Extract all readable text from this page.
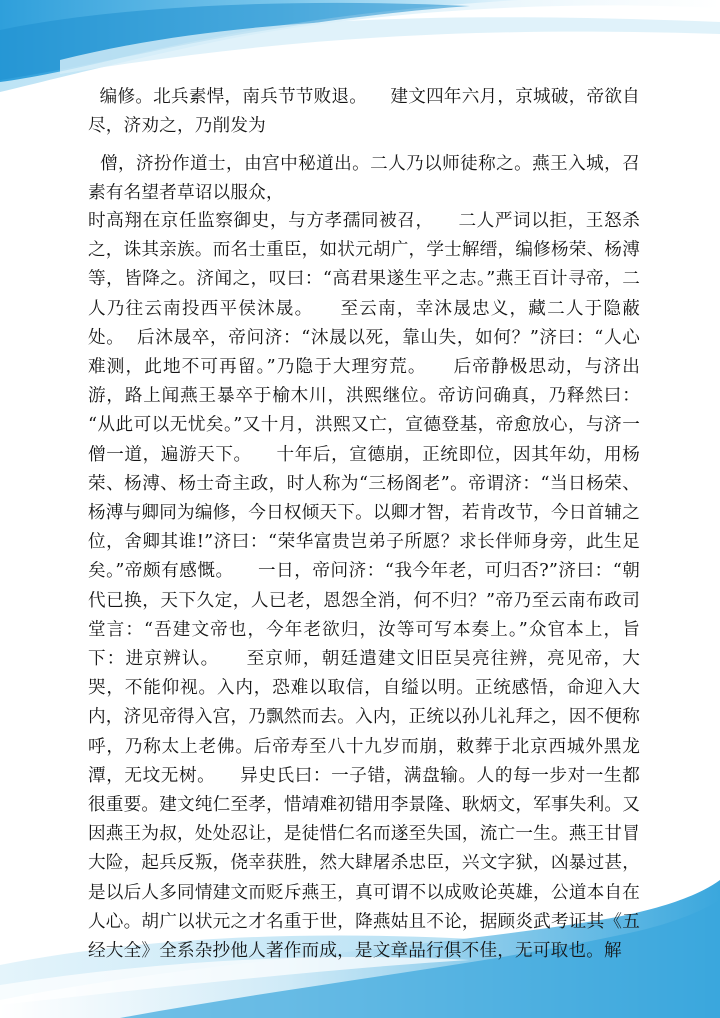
编修。北兵素悍，南兵节节败退。    建文四年六月，京城破，帝欲自尽，济劝之，乃削发为

僧，济扮作道士，由宫中秘道出。二人乃以师徒称之。燕王入城，召素有名望者草诏以服众，

时高翔在京任监察御史，与方孝孺同被召，    二人严词以拒，王怒杀之，诛其亲族。而名士重臣，如状元胡广，学士解缙，编修杨荣、杨溥等，皆降之。济闻之，叹曰：“高君果遂生平之志。”燕王百计寻帝，二人乃往云南投西平侯沐晟。    至云南，幸沐晟忠义，藏二人于隐蔽处。  后沐晟卒，帝问济：“沐晟以死，靠山失，如何？”济曰：“人心难测，此地不可再留。”乃隐于大理穷荒。    后帝静极思动，与济出游，路上闻燕王暴卒于榆木川，洪熙继位。帝访问确真，乃释然曰：  “从此可以无忧矣。”又十月，洪熙又亡，宣德登基，帝愈放心，与济一僧一道，遍游天下。    十年后，宣德崩，正统即位，因其年幼，用杨荣、杨溥、杨士奇主政，时人称为“三杨阁老”。帝谓济：“当日杨荣、杨溥与卿同为编修，今日权倾天下。以卿才智，若肯改节，今日首辅之位，舍卿其谁!”济曰：“荣华富贵岂弟子所愿？求长伴师身旁，此生足矣。”帝颇有感慨。    一日，帝问济：“我今年老，可归否?”济曰：“朝代已换，天下久定，人已老，恩怨全消，何不归？”帝乃至云南布政司堂言：“吾建文帝也，今年老欲归，汝等可写本奏上。”众官本上，旨下：进京辨认。    至京师，朝廷遣建文旧臣吴亮往辨，亮见帝，大哭，不能仰视。入内，恐难以取信，自缢以明。正统感悟，命迎入大内，济见帝得入宫，乃飘然而去。入内，正统以孙儿礼拜之，因不便称呼，乃称太上老佛。后帝寿至八十九岁而崩，敕葬于北京西城外黑龙潭，无坟无树。    异史氏曰：一子错，满盘输。人的每一步对一生都很重要。建文纯仁至孝，惜靖难初错用李景隆、耿炳文，军事失利。又因燕王为叔，处处忍让，是徒惜仁名而遂至失国，流亡一生。燕王甘冒大险，起兵反叛，侥幸获胜，然大肆屠杀忠臣，兴文字狱，凶暴过甚，是以后人多同情建文而贬斥燕王，真可谓不以成败论英雄，公道本自在人心。胡广以状元之才名重于世，降燕姑且不论，据顾炎武考证其《五经大全》全系杂抄他人著作而成，是文章品行俱不佳，无可取也。解
